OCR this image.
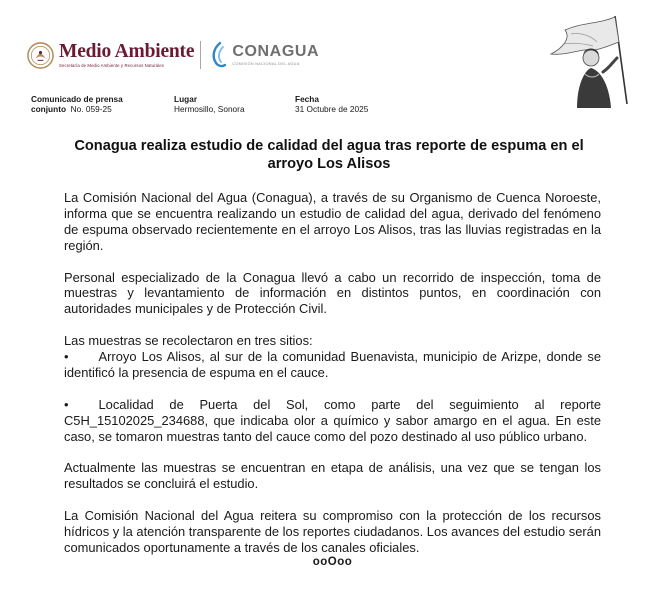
Medio Ambiente
Secretaría de Medio Ambiente y Recursos Naturales
CONAGUA
COMISIÓN NACIONAL DEL AGUA
Comunicado de prensa
conjunto No. 059-25
Lugar
Hermosillo, Sonora
Fecha
31 Octubre de 2025
Conagua realiza estudio de calidad del agua tras reporte de espuma en el arroyo Los Alisos

La Comisión Nacional del Agua (Conagua), a través de su Organismo de Cuenca Noroeste, informa que se encuentra realizando un estudio de calidad del agua, derivado del fenómeno de espuma observado recientemente en el arroyo Los Alisos, tras las lluvias registradas en la región.

Personal especializado de la Conagua llevó a cabo un recorrido de inspección, toma de muestras y levantamiento de información en distintos puntos, en coordinación con autoridades municipales y de Protección Civil.

Las muestras se recolectaron en tres sitios:

• Arroyo Los Alisos, al sur de la comunidad Buenavista, municipio de Arizpe, donde se identificó la presencia de espuma en el cauce.

• Localidad de Puerta del Sol, como parte del seguimiento al reporte C5H_15102025_234688, que indicaba olor a químico y sabor amargo en el agua. En este caso, se tomaron muestras tanto del cauce como del pozo destinado al uso público urbano.

Actualmente las muestras se encuentran en etapa de análisis, una vez que se tengan los resultados se concluirá el estudio.

La Comisión Nacional del Agua reitera su compromiso con la protección de los recursos hídricos y la atención transparente de los reportes ciudadanos. Los avances del estudio serán comunicados oportunamente a través de los canales oficiales.

ooOoo
